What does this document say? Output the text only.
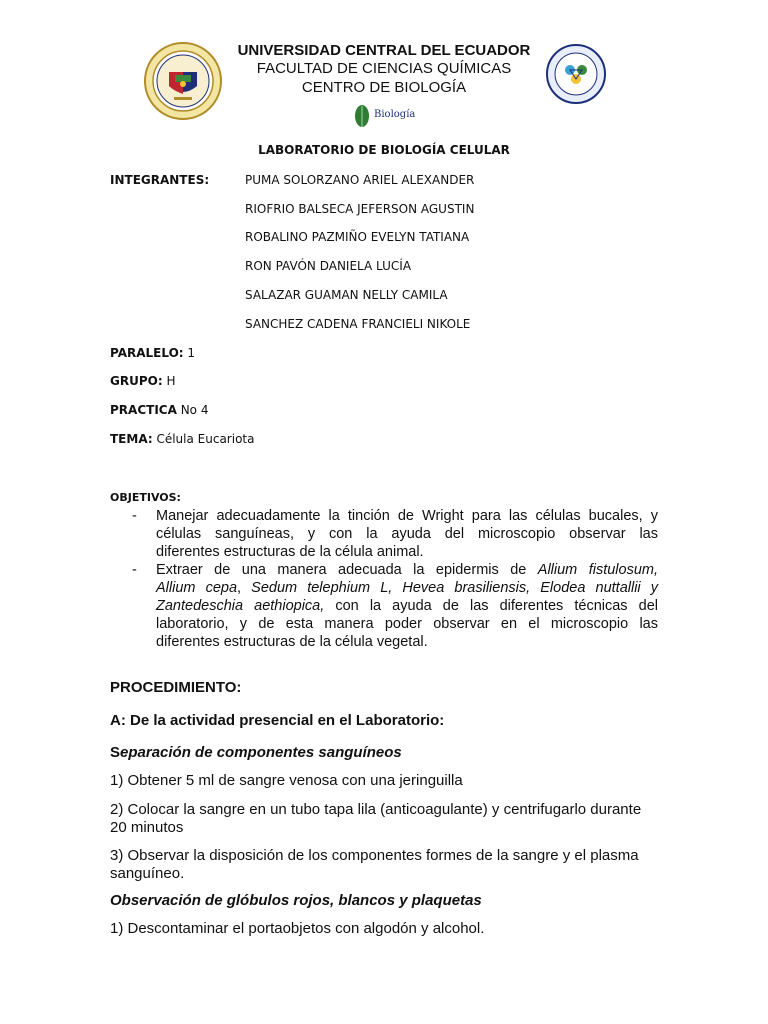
UNIVERSIDAD CENTRAL DEL ECUADOR
FACULTAD DE CIENCIAS QUÍMICAS
CENTRO DE BIOLOGÍA
Biología
LABORATORIO DE BIOLOGÍA CELULAR
INTEGRANTES:	PUMA SOLORZANO ARIEL ALEXANDER
RIOFRIO BALSECA JEFERSON AGUSTIN
ROBALINO PAZMIÑO EVELYN TATIANA
RON PAVÓN DANIELA LUCÍA
SALAZAR GUAMAN NELLY CAMILA
SANCHEZ CADENA FRANCIELI NIKOLE
PARALELO: 1
GRUPO: H
PRACTICA No 4
TEMA: Célula Eucariota
OBJETIVOS:
- Manejar adecuadamente la tinción de Wright para las células bucales, y
células sanguíneas, y con la ayuda del microscopio observar las
diferentes estructuras de la célula animal.
- Extraer de una manera adecuada la epidermis de Allium fistulosum,
Allium cepa, Sedum telephium L, Hevea brasiliensis, Elodea nuttallii y
Zantedeschia aethiopica, con la ayuda de las diferentes técnicas del
laboratorio, y de esta manera poder observar en el microscopio las
diferentes estructuras de la célula vegetal.
PROCEDIMIENTO:
A: De la actividad presencial en el Laboratorio:
Separación de componentes sanguíneos
1) Obtener 5 ml de sangre venosa con una jeringuilla
2) Colocar la sangre en un tubo tapa lila (anticoagulante) y centrifugarlo durante 20 minutos
3) Observar la disposición de los componentes formes de la sangre y el plasma sanguíneo.
Observación de glóbulos rojos, blancos y plaquetas
1) Descontaminar el portaobjetos con algodón y alcohol.
